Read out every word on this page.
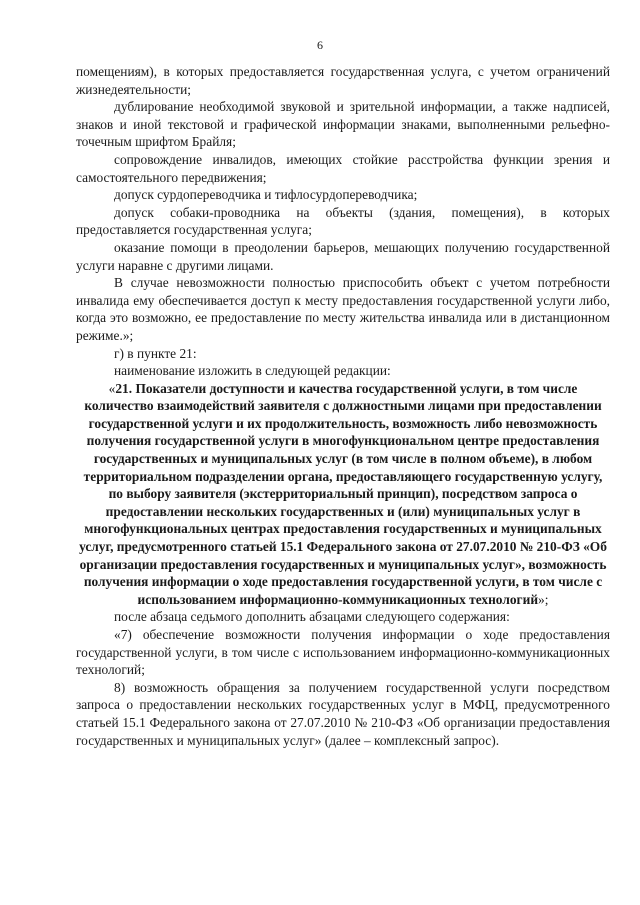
6

помещениям), в которых предоставляется государственная услуга, с учетом ограничений жизнедеятельности;

дублирование необходимой звуковой и зрительной информации, а также надписей, знаков и иной текстовой и графической информации знаками, выполненными рельефно-точечным шрифтом Брайля;

сопровождение инвалидов, имеющих стойкие расстройства функции зрения и самостоятельного передвижения;

допуск сурдопереводчика и тифлосурдопереводчика;

допуск собаки-проводника на объекты (здания, помещения), в которых предоставляется государственная услуга;

оказание помощи в преодолении барьеров, мешающих получению государственной услуги наравне с другими лицами.

В случае невозможности полностью приспособить объект с учетом потребности инвалида ему обеспечивается доступ к месту предоставления государственной услуги либо, когда это возможно, ее предоставление по месту жительства инвалида или в дистанционном режиме.»;

г) в пункте 21:

наименование изложить в следующей редакции:

«21. Показатели доступности и качества государственной услуги, в том числе количество взаимодействий заявителя с должностными лицами при предоставлении государственной услуги и их продолжительность, возможность либо невозможность получения государственной услуги в многофункциональном центре предоставления государственных и муниципальных услуг (в том числе в полном объеме), в любом территориальном подразделении органа, предоставляющего государственную услугу, по выбору заявителя (экстерриториальный принцип), посредством запроса о предоставлении нескольких государственных и (или) муниципальных услуг в многофункциональных центрах предоставления государственных и муниципальных услуг, предусмотренного статьей 15.1 Федерального закона от 27.07.2010 № 210-ФЗ «Об организации предоставления государственных и муниципальных услуг», возможность получения информации о ходе предоставления государственной услуги, в том числе с использованием информационно-коммуникационных технологий»;

после абзаца седьмого дополнить абзацами следующего содержания:

«7) обеспечение возможности получения информации о ходе предоставления государственной услуги, в том числе с использованием информационно-коммуникационных технологий;

8) возможность обращения за получением государственной услуги посредством запроса о предоставлении нескольких государственных услуг в МФЦ, предусмотренного статьей 15.1 Федерального закона от 27.07.2010 № 210-ФЗ «Об организации предоставления государственных и муниципальных услуг» (далее – комплексный запрос).
